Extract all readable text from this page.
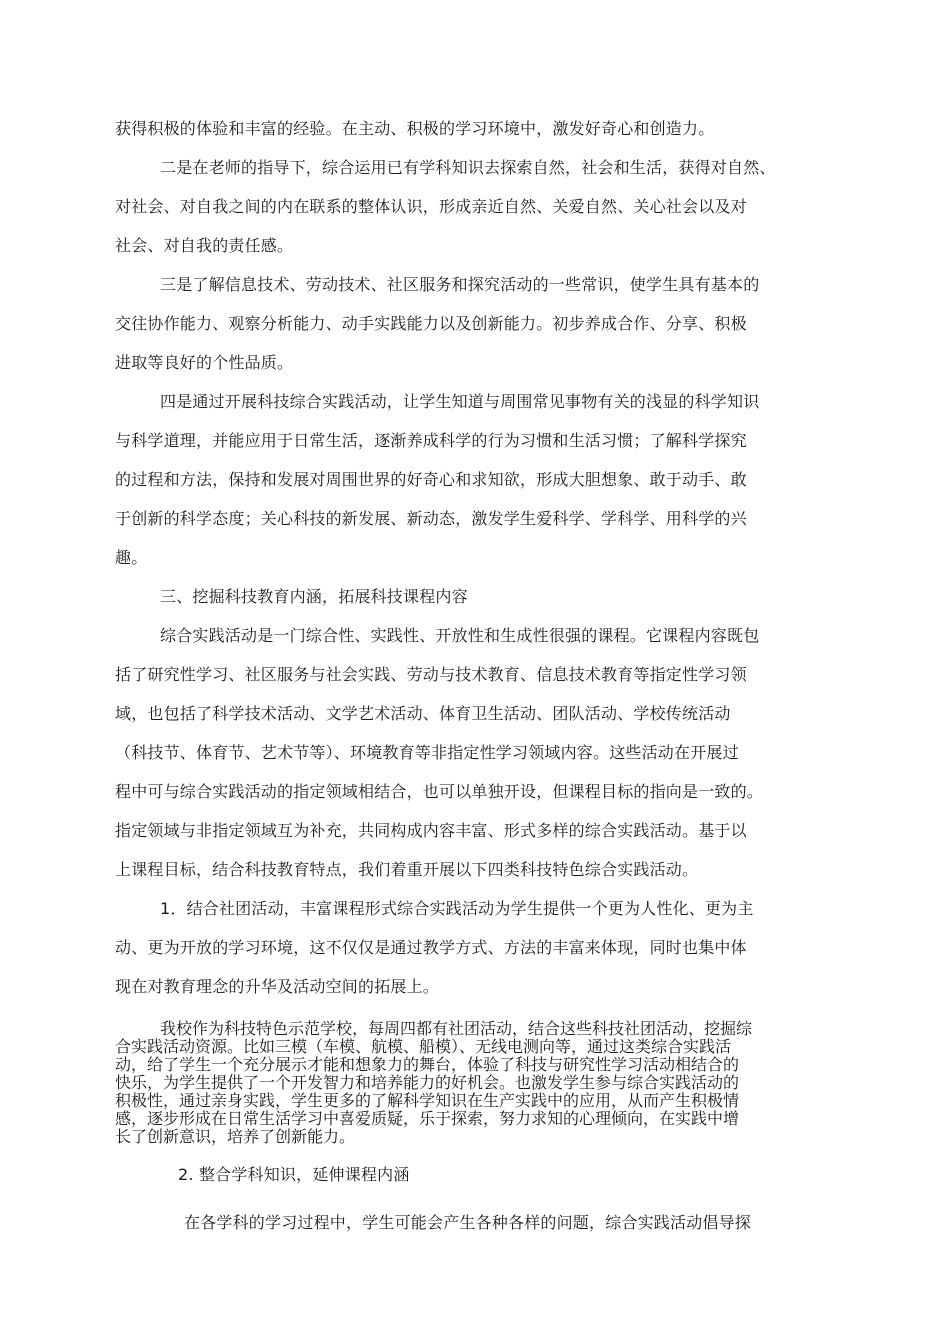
获得积极的体验和丰富的经验。在主动、积极的学习环境中，激发好奇心和创造力。
二是在老师的指导下，综合运用已有学科知识去探索自然，社会和生活，获得对自然、
对社会、对自我之间的内在联系的整体认识，形成亲近自然、关爱自然、关心社会以及对
社会、对自我的责任感。
三是了解信息技术、劳动技术、社区服务和探究活动的一些常识，使学生具有基本的
交往协作能力、观察分析能力、动手实践能力以及创新能力。初步养成合作、分享、积极
进取等良好的个性品质。
四是通过开展科技综合实践活动，让学生知道与周围常见事物有关的浅显的科学知识
与科学道理，并能应用于日常生活，逐渐养成科学的行为习惯和生活习惯；了解科学探究
的过程和方法，保持和发展对周围世界的好奇心和求知欲，形成大胆想象、敢于动手、敢
于创新的科学态度；关心科技的新发展、新动态，激发学生爱科学、学科学、用科学的兴
趣。
三、挖掘科技教育内涵，拓展科技课程内容
综合实践活动是一门综合性、实践性、开放性和生成性很强的课程。它课程内容既包
括了研究性学习、社区服务与社会实践、劳动与技术教育、信息技术教育等指定性学习领
域，也包括了科学技术活动、文学艺术活动、体育卫生活动、团队活动、学校传统活动
（科技节、体育节、艺术节等）、环境教育等非指定性学习领域内容。这些活动在开展过
程中可与综合实践活动的指定领域相结合，也可以单独开设，但课程目标的指向是一致的。
指定领域与非指定领域互为补充，共同构成内容丰富、形式多样的综合实践活动。基于以
上课程目标，结合科技教育特点，我们着重开展以下四类科技特色综合实践活动。
1．结合社团活动，丰富课程形式综合实践活动为学生提供一个更为人性化、更为主
动、更为开放的学习环境，这不仅仅是通过教学方式、方法的丰富来体现，同时也集中体
现在对教育理念的升华及活动空间的拓展上。
我校作为科技特色示范学校，每周四都有社团活动，结合这些科技社团活动，挖掘综
合实践活动资源。比如三模（车模、航模、船模）、无线电测向等，通过这类综合实践活
动，给了学生一个充分展示才能和想象力的舞台，体验了科技与研究性学习活动相结合的
快乐，为学生提供了一个开发智力和培养能力的好机会。也激发学生参与综合实践活动的
积极性，通过亲身实践，学生更多的了解科学知识在生产实践中的应用，从而产生积极情
感，逐步形成在日常生活学习中喜爱质疑，乐于探索，努力求知的心理倾向，在实践中增
长了创新意识，培养了创新能力。
2. 整合学科知识，延伸课程内涵
在各学科的学习过程中，学生可能会产生各种各样的问题，综合实践活动倡导探
